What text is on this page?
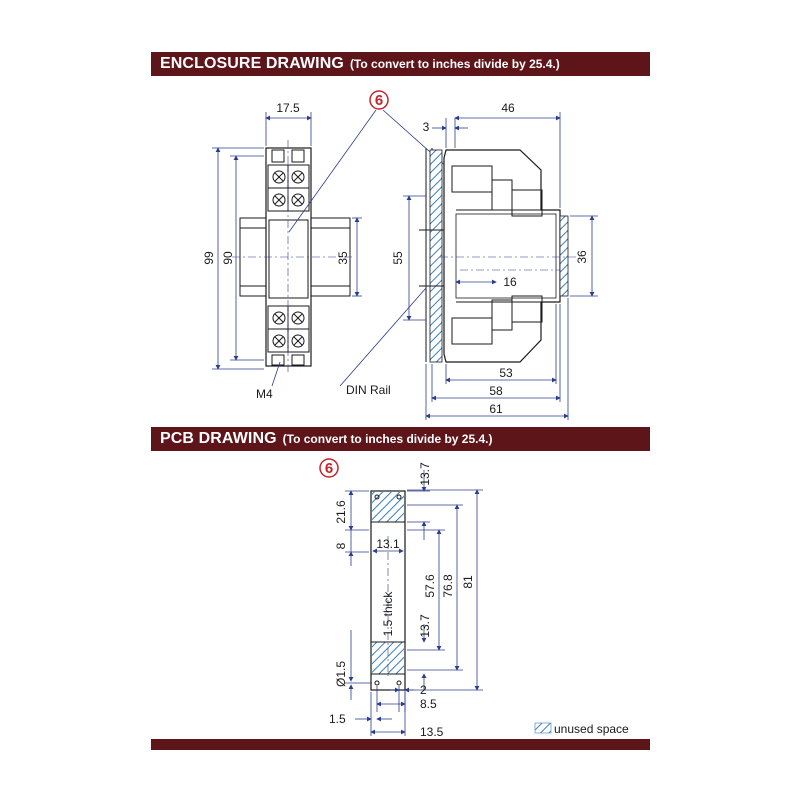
ENCLOSURE DRAWING (To convert to inches divide by 25.4.)
PCB DRAWING (To convert to inches divide by 25.4.)
17.5
99 90	35
M4
6
3
46
55	36
16
53
58
61
DIN Rail
6	13.7
21.6
8 13.1
1.5 thick
57.6 76.8 81
13.7
Ø1.5
2
8.5
1.5
13.5	unused space
